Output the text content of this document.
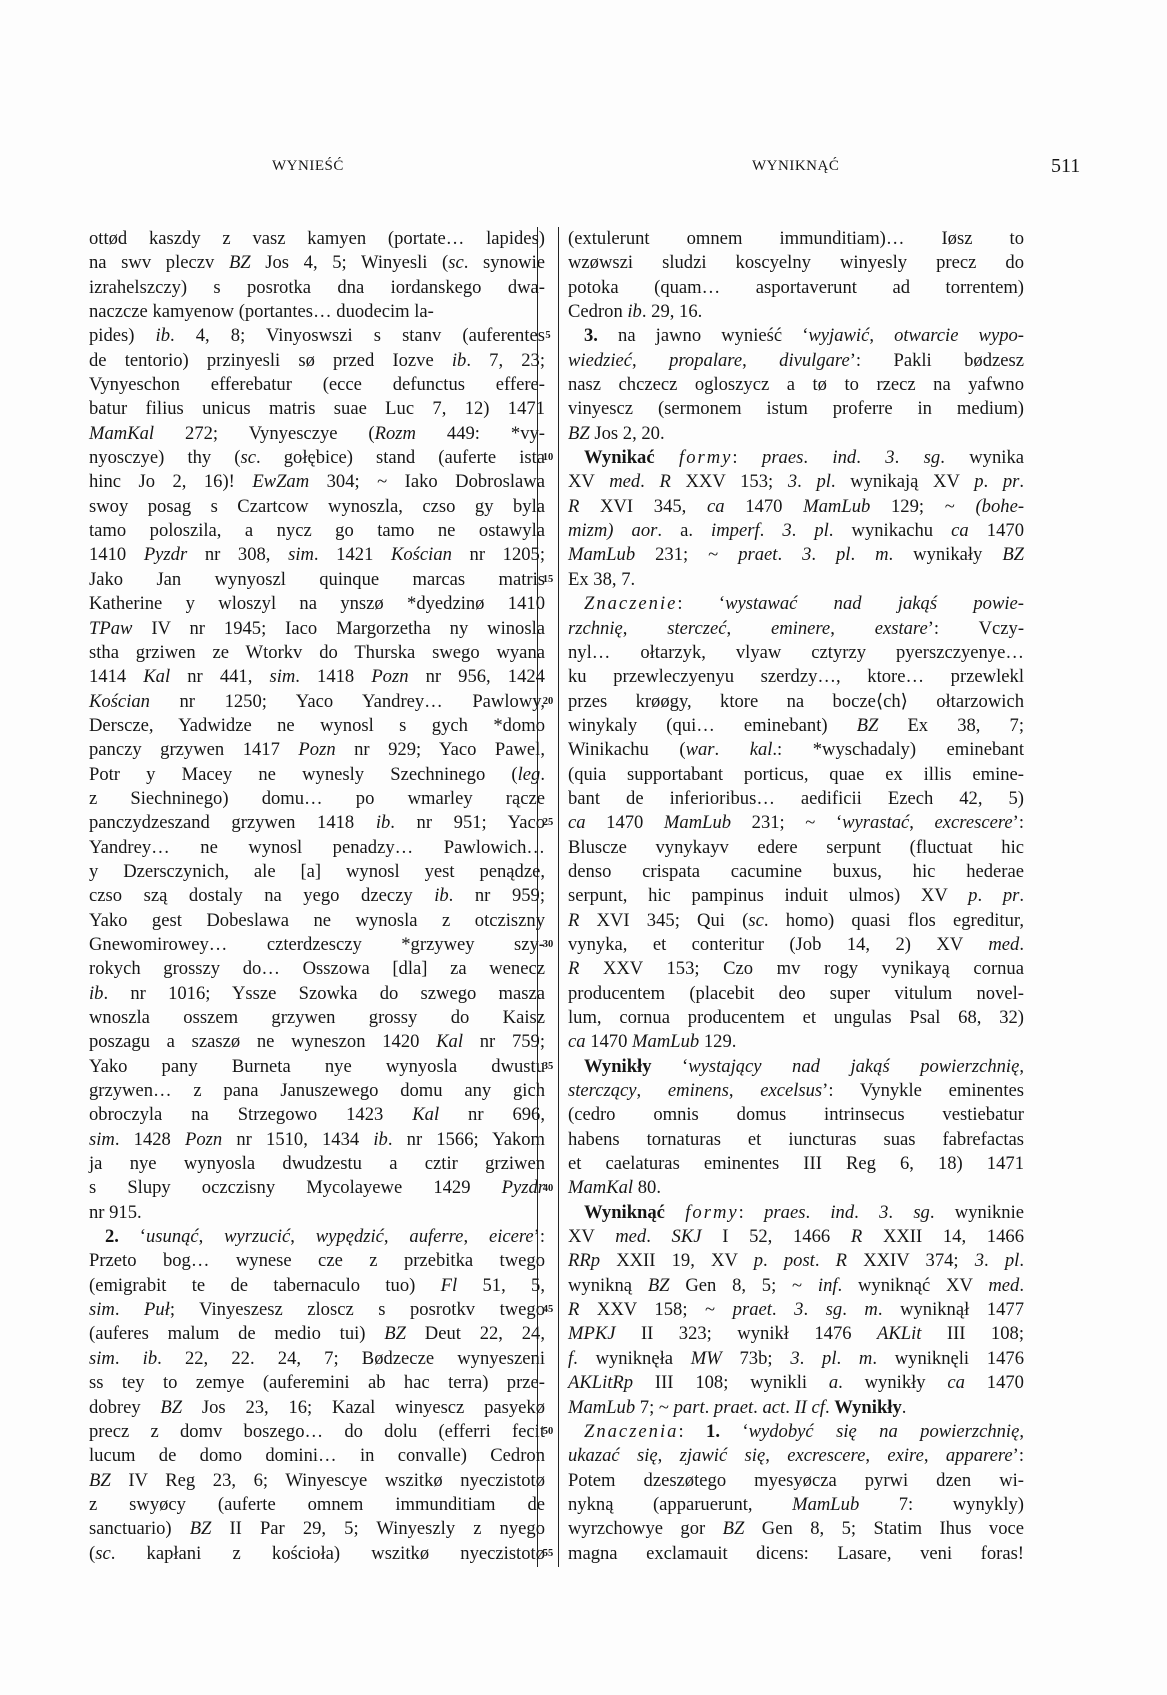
WYNIEŚĆ	WYNIKNĄĆ	511
5
10
15
20
25
30
35
40
45
50
55
ottød kaszdy z vasz kamyen (portate… lapides)
na swv pleczv BZ Jos 4, 5; Winyesli (sc. synowie
izrahelszczy) s posrotka dna iordanskego dwa-
naczcze kamyenow (portantes… duodecim la-
pides) ib. 4, 8; Vinyoswszi s stanv (auferentes
de tentorio) przinyesli sø przed Iozve ib. 7, 23;
Vynyeschon efferebatur (ecce defunctus effere-
batur filius unicus matris suae Luc 7, 12) 1471
MamKal 272; Vynyesczye (Rozm 449: *vy-
nyosczye) thy (sc. gołębice) stand (auferte ista
hinc Jo 2, 16)! EwZam 304; ~ Iako Dobroslawa
swoy posag s Czartcow wynoszla, czso gy byla
tamo poloszila, a nycz go tamo ne ostawyla
1410 Pyzdr nr 308, sim. 1421 Kościan nr 1205;
Jako Jan wynyoszl quinque marcas matris
Katherine y wloszyl na ynszø *dyedzinø 1410
TPaw IV nr 1945; Iaco Margorzetha ny winosla
stha grziwen ze Wtorkv do Thurska swego wyana
1414 Kal nr 441, sim. 1418 Pozn nr 956, 1424
Kościan nr 1250; Yaco Yandrey… Pawlowy,
Derscze, Yadwidze ne wynosl s gych *domo
panczy grzywen 1417 Pozn nr 929; Yaco Pawel,
Potr y Macey ne wynesly Szechninego (leg.
z Siechninego) domu… po wmarley rącze
panczydzeszand grzywen 1418 ib. nr 951; Yaco
Yandrey… ne wynosl penadzy… Pawlowich…
y Dzersczynich, ale [a] wynosl yest penądze,
czso szą dostaly na yego dzeczy ib. nr 959;
Yako gest Dobeslawa ne wynosla z otcziszny
Gnewomirowey… czterdzesczy *grzywey szy-
rokych grosszy do… Osszowa [dla] za wenecz
ib. nr 1016; Yssze Szowka do szwego masza
wnoszla osszem grzywen grossy do Kaisz
poszagu a szaszø ne wyneszon 1420 Kal nr 759;
Yako pany Burneta nye wynyosla dwustu
grzywen… z pana Januszewego domu any gich
obroczyla na Strzegowo 1423 Kal nr 696,
sim. 1428 Pozn nr 1510, 1434 ib. nr 1566; Yakom
ja nye wynyosla dwudzestu a cztir grziwen
s Slupy oczczisny Mycolayewe 1429 Pyzdr
nr 915.
2. ‘usunąć, wyrzucić, wypędzić, auferre, eicere’:
Przeto bog… wynese cze z przebitka twego
(emigrabit te de tabernaculo tuo) Fl 51, 5,
sim. Puł; Vinyeszesz zloscz s posrotkv twego
(auferes malum de medio tui) BZ Deut 22, 24,
sim. ib. 22, 22. 24, 7; Bødzecze wynyeszeni
ss tey to zemye (auferemini ab hac terra) prze-
dobrey BZ Jos 23, 16; Kazal winyescz pasyekø
precz z domv boszego… do dolu (efferri fecit
lucum de domo domini… in convalle) Cedron
BZ IV Reg 23, 6; Winyescye wszitkø nyeczistotø
z swyøcy (auferte omnem immunditiam de
sanctuario) BZ II Par 29, 5; Winyeszly z nyego
(sc. kapłani z kościoła) wszitkø nyeczistotø
(extulerunt omnem immunditiam)… Iøsz to
wzøwszi sludzi koscyelny winyesly precz do
potoka (quam… asportaverunt ad torrentem)
Cedron ib. 29, 16.
3. na jawno wynieść ‘wyjawić, otwarcie wypo-
wiedzieć, propalare, divulgare’: Pakli bødzesz
nasz chczecz ogloszycz a tø to rzecz na yafwno
vinyescz (sermonem istum proferre in medium)
BZ Jos 2, 20.
Wynikać formy: praes. ind. 3. sg. wynika
XV med. R XXV 153; 3. pl. wynikają XV p. pr.
R XVI 345, ca 1470 MamLub 129; ~ (bohe-
mizm) aor. a. imperf. 3. pl. wynikachu ca 1470
MamLub 231; ~ praet. 3. pl. m. wynikały BZ
Ex 38, 7.
Znaczenie: ‘wystawać nad jakąś powie-
rzchnię, sterczeć, eminere, exstare’: Vczy-
nyl… ołtarzyk, vlyaw cztyrzy pyerszczyenye…
ku przewleczyenyu szerdzy…, ktore… przewlekl
przes krøøgy, ktore na bocze⟨ch⟩ ołtarzowich
winykaly (qui… eminebant) BZ Ex 38, 7;
Winikachu (war. kal.: *wyschadaly) eminebant
(quia supportabant porticus, quae ex illis emine-
bant de inferioribus… aedificii Ezech 42, 5)
ca 1470 MamLub 231; ~ ‘wyrastać, excrescere’:
Bluscze vynykayv edere serpunt (fluctuat hic
denso crispata cacumine buxus, hic hederae
serpunt, hic pampinus induit ulmos) XV p. pr.
R XVI 345; Qui (sc. homo) quasi flos egreditur,
vynyka, et conteritur (Job 14, 2) XV med.
R XXV 153; Czo mv rogy vynikayą cornua
producentem (placebit deo super vitulum novel-
lum, cornua producentem et ungulas Psal 68, 32)
ca 1470 MamLub 129.
Wynikły ‘wystający nad jakąś powierzchnię,
sterczący, eminens, excelsus’: Vynykle eminentes
(cedro omnis domus intrinsecus vestiebatur
habens tornaturas et iuncturas suas fabrefactas
et caelaturas eminentes III Reg 6, 18) 1471
MamKal 80.
Wyniknąć formy: praes. ind. 3. sg. wyniknie
XV med. SKJ I 52, 1466 R XXII 14, 1466
RRp XXII 19, XV p. post. R XXIV 374; 3. pl.
wynikną BZ Gen 8, 5; ~ inf. wyniknąć XV med.
R XXV 158; ~ praet. 3. sg. m. wyniknął 1477
MPKJ II 323; wynikł 1476 AKLit III 108;
f. wyniknęła MW 73b; 3. pl. m. wyniknęli 1476
AKLitRp III 108; wynikli a. wynikły ca 1470
MamLub 7; ~ part. praet. act. II cf. Wynikły.
Znaczenia: 1. ‘wydobyć się na powierzchnię,
ukazać się, zjawić się, excrescere, exire, apparere’:
Potem dzeszøtego myesyøcza pyrwi dzen wi-
nykną (apparuerunt, MamLub 7: wynykly)
wyrzchowye gor BZ Gen 8, 5; Statim Ihus voce
magna exclamauit dicens: Lasare, veni foras!
